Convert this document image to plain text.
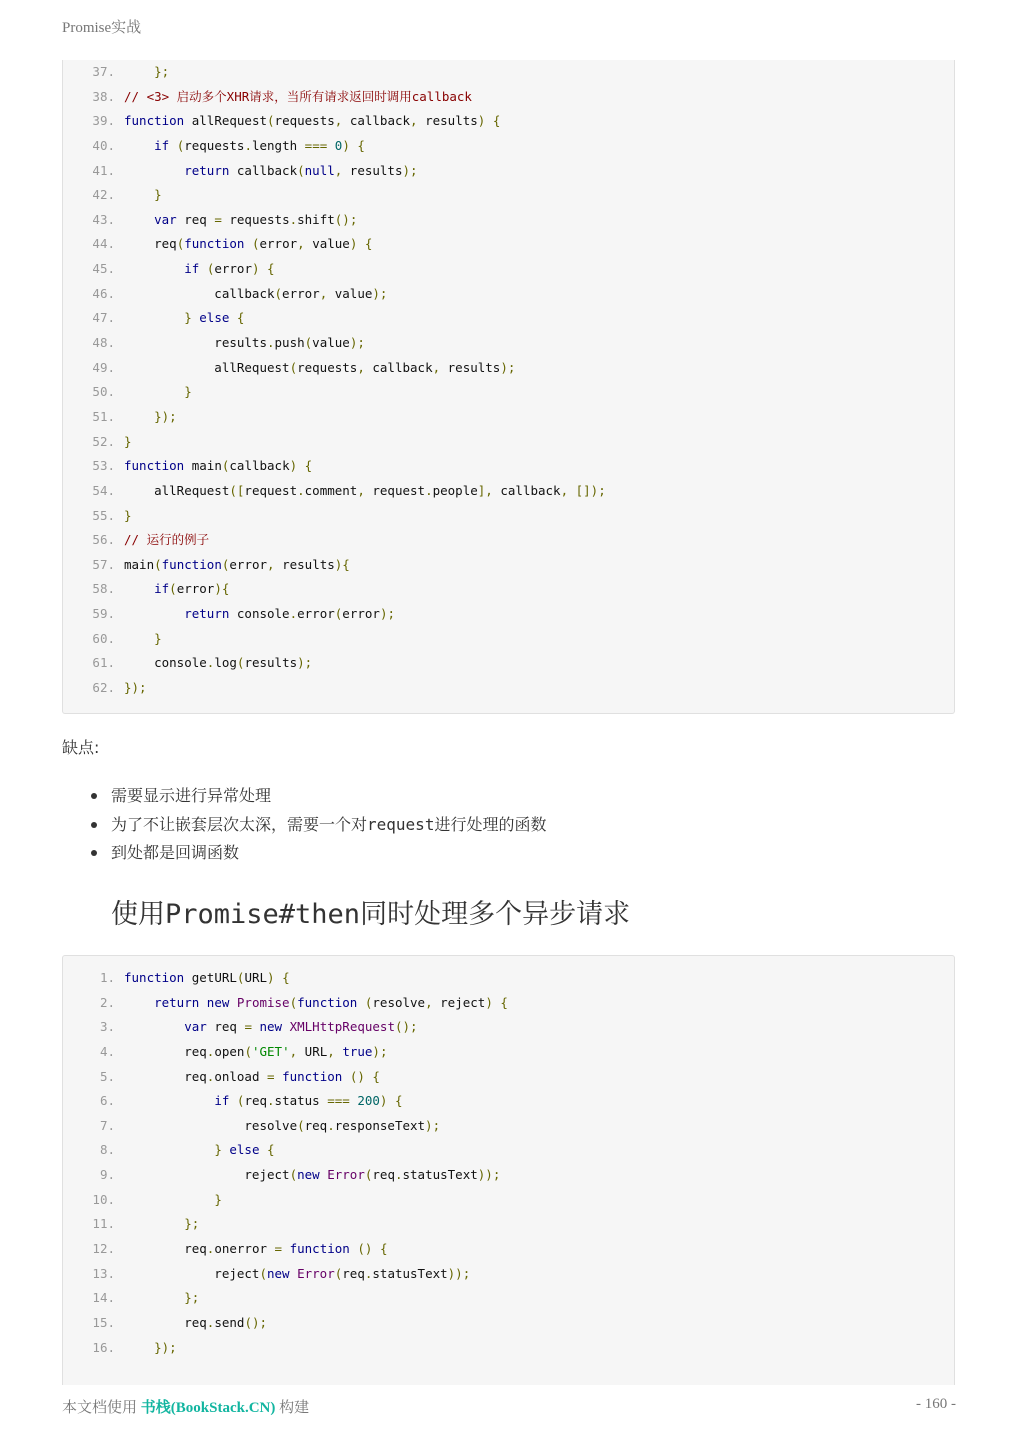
Promise实战
37.	};
38. // <3> 启动多个XHR请求，当所有请求返回时调用callback
39. function allRequest(requests, callback, results) {
40.	if (requests.length === 0) {
41.	return callback(null, results);
42.	}
43.	var req = requests.shift();
44.    req(function (error, value) {
45.	if (error) {
46.            callback(error, value);
47.	} else {
48.            results.push(value);
49.            allRequest(requests, callback, results);
50.	}
51.	});
52. }
53. function main(callback) {
54.    allRequest([request.comment, request.people], callback, []);
55. }
56. // 运行的例子
57. main(function(error, results){
58.	if(error){
59.	return console.error(error);
60.	}
61.    console.log(results);
62. });
缺点:
需要显示进行异常处理
为了不让嵌套层次太深，需要一个对request进行处理的函数
到处都是回调函数
使用Promise#then同时处理多个异步请求
1. function getURL(URL) {
2.	return new Promise(function (resolve, reject) {
3.	var req = new XMLHttpRequest();
4.        req.open('GET', URL, true);
5.        req.onload = function () {
6.	if (req.status === 200) {
7.                resolve(req.responseText);
8.	} else {
9.                reject(new Error(req.statusText));
10.	}
11.	};
12.        req.onerror = function () {
13.            reject(new Error(req.statusText));
14.	};
15.        req.send();
16.	});
本文档使用 书栈(BookStack.CN) 构建	- 160 -
